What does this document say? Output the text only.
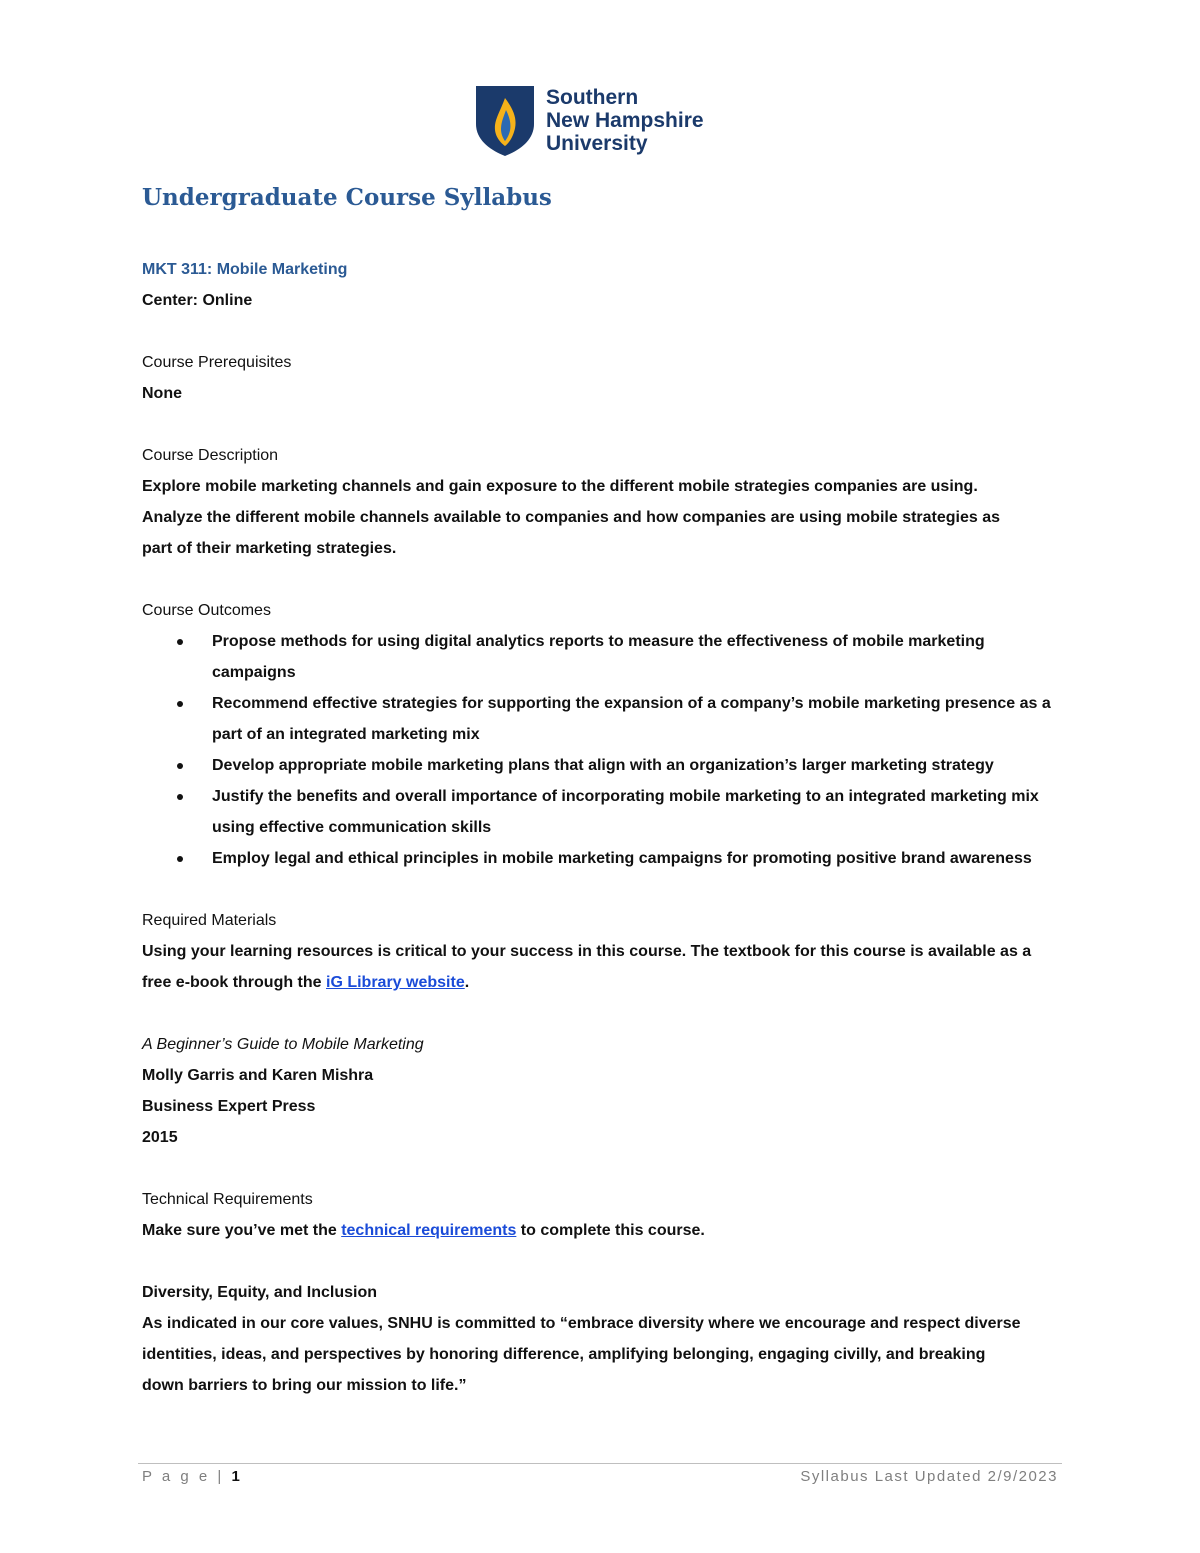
Southern
New Hampshire
University
Undergraduate Course Syllabus

MKT 311: Mobile Marketing

Center: Online

Course Prerequisites

None

Course Description

Explore mobile marketing channels and gain exposure to the different mobile strategies companies are using.

Analyze the different mobile channels available to companies and how companies are using mobile strategies as

part of their marketing strategies.

Course Outcomes

Propose methods for using digital analytics reports to measure the effectiveness of mobile marketing campaigns
Recommend effective strategies for supporting the expansion of a company’s mobile marketing presence as a part of an integrated marketing mix
Develop appropriate mobile marketing plans that align with an organization’s larger marketing strategy
Justify the benefits and overall importance of incorporating mobile marketing to an integrated marketing mix using effective communication skills
Employ legal and ethical principles in mobile marketing campaigns for promoting positive brand awareness

Required Materials

Using your learning resources is critical to your success in this course. The textbook for this course is available as a

free e-book through the iG Library website.

A Beginner’s Guide to Mobile Marketing

Molly Garris and Karen Mishra

Business Expert Press

2015

Technical Requirements

Make sure you’ve met the technical requirements to complete this course.

Diversity, Equity, and Inclusion

As indicated in our core values, SNHU is committed to “embrace diversity where we encourage and respect diverse

identities, ideas, and perspectives by honoring difference, amplifying belonging, engaging civilly, and breaking

down barriers to bring our mission to life.”

P a g e | 1	Syllabus Last Updated 2/9/2023
